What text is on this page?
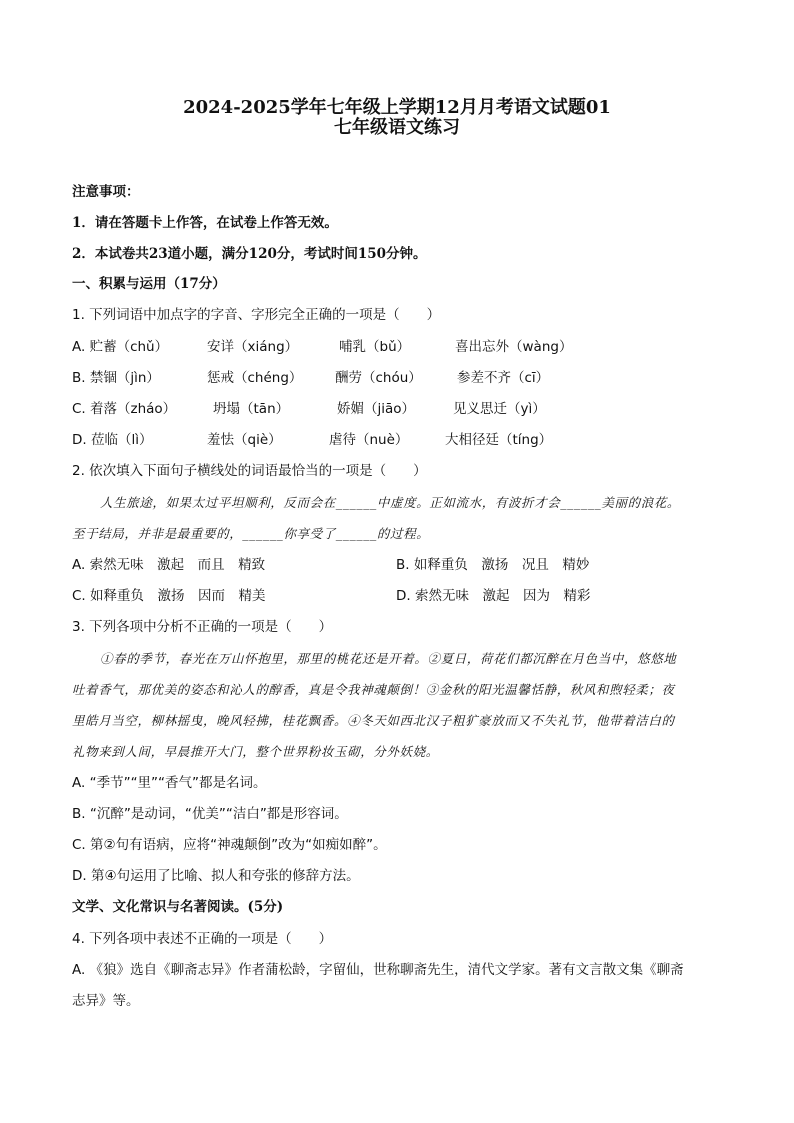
2024-2025学年七年级上学期12月月考语文试题01
七年级语文练习
注意事项：
1．请在答题卡上作答，在试卷上作答无效。
2．本试卷共23道小题，满分120分，考试时间150分钟。
一、积累与运用（17分）
1. 下列词语中加点字的字音、字形完全正确的一项是（　　）
A. 贮蓄（chǔ）	安详（xiáng）	哺乳（bǔ）	喜出忘外（wàng）
B. 禁锢（jìn）	惩戒（chéng） 酬劳（chóu）	参差不齐（cī）
C. 着落（zháo）	坍塌（tān）	娇媚（jiāo）	见义思迁（yì）
D. 莅临（lì）	羞怯（qiè）	虐待（nuè）	大相径廷（tíng）
2. 依次填入下面句子横线处的词语最恰当的一项是（　　）
人生旅途，如果太过平坦顺利，反而会在______中虚度。正如流水，有波折才会______美丽的浪花。
至于结局，并非是最重要的，______你享受了______的过程。
A. 索然无味　激起　而且　精致	B. 如释重负　激扬　况且　精妙
C. 如释重负　激扬　因而　精美	D. 索然无味　激起　因为　精彩
3. 下列各项中分析不正确的一项是（　　）
①春的季节，春光在万山怀抱里，那里的桃花还是开着。②夏日，荷花们都沉醉在月色当中，悠悠地
吐着香气，那优美的姿态和沁人的醇香，真是令我神魂颠倒！③金秋的阳光温馨恬静，秋风和煦轻柔；夜
里皓月当空，柳林摇曳，晚风轻拂，桂花飘香。④冬天如西北汉子粗犷豪放而又不失礼节，他带着洁白的
礼物来到人间，早晨推开大门，整个世界粉妆玉砌，分外妖娆。
A. “季节”“里”“香气”都是名词。
B. “沉醉”是动词，“优美”“洁白”都是形容词。
C. 第②句有语病，应将“神魂颠倒”改为“如痴如醉”。
D. 第④句运用了比喻、拟人和夸张的修辞方法。
文学、文化常识与名著阅读。(5分)
4. 下列各项中表述不正确的一项是（　　）
A. 《狼》选自《聊斋志异》作者蒲松龄，字留仙，世称聊斋先生，清代文学家。著有文言散文集《聊斋
志异》等。
